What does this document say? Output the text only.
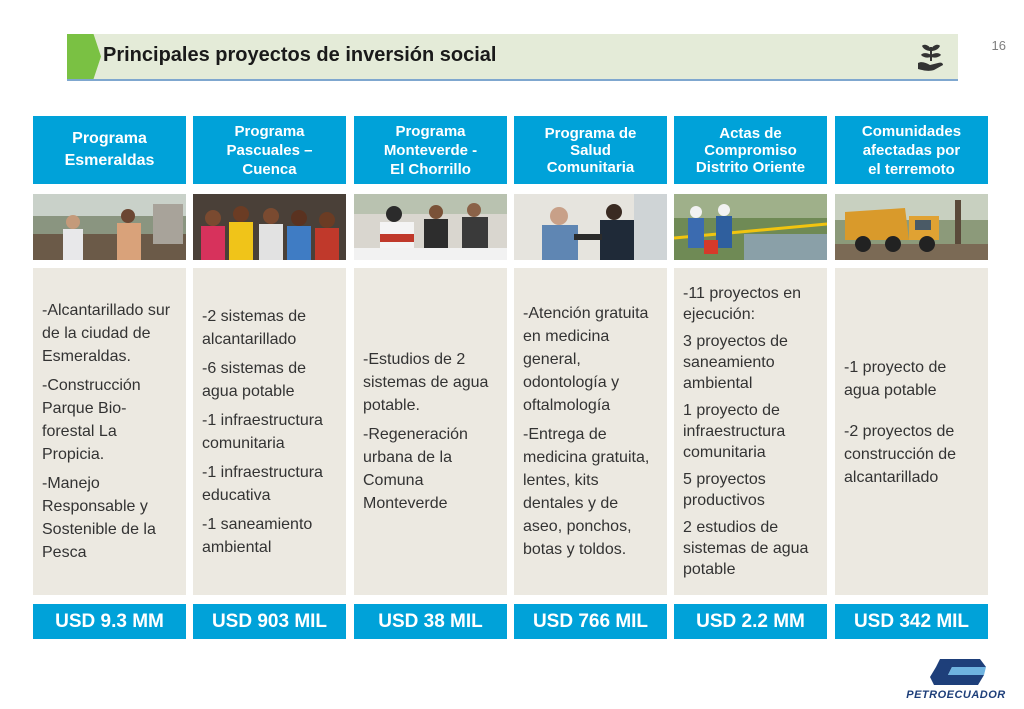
16
Principales proyectos de inversión social
Programa
Esmeraldas
-Alcantarillado sur de la ciudad de Esmeraldas.
-Construcción Parque Bio-forestal La Propicia.
-Manejo Responsable y Sostenible de la Pesca
USD 9.3 MM
Programa
Pascuales –
Cuenca
-2 sistemas de alcantarillado
-6 sistemas de agua potable
-1 infraestructura comunitaria
-1 infraestructura educativa
-1 saneamiento ambiental
USD 903 MIL
Programa
Monteverde -
El Chorrillo
-Estudios de 2 sistemas de agua potable.
-Regeneración urbana de la Comuna Monteverde
USD 38 MIL
Programa de
Salud
Comunitaria
-Atención gratuita en medicina general, odontología y oftalmología
-Entrega de medicina gratuita, lentes, kits dentales y de aseo, ponchos, botas y toldos.
USD 766 MIL
Actas de
Compromiso
Distrito Oriente
-11 proyectos en ejecución:
3 proyectos de saneamiento ambiental
1 proyecto de infraestructura comunitaria
5 proyectos productivos
2 estudios de sistemas de agua potable
USD 2.2 MM
Comunidades
afectadas por
el terremoto
-1 proyecto de agua potable
-2 proyectos de construcción de alcantarillado
USD 342 MIL
PETROECUADOR
